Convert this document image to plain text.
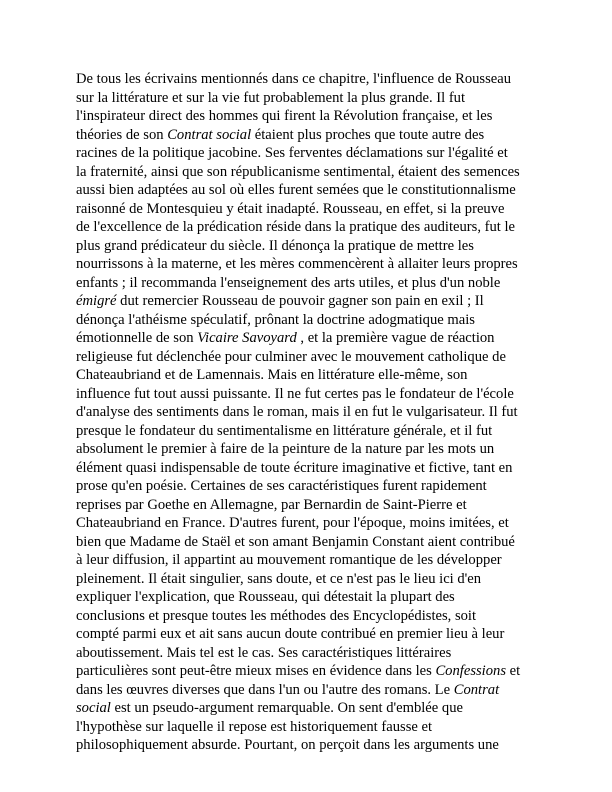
De tous les écrivains mentionnés dans ce chapitre, l'influence de Rousseau
sur la littérature et sur la vie fut probablement la plus grande. Il fut
l'inspirateur direct des hommes qui firent la Révolution française, et les
théories de son Contrat social étaient plus proches que toute autre des
racines de la politique jacobine. Ses ferventes déclamations sur l'égalité et
la fraternité, ainsi que son républicanisme sentimental, étaient des semences
aussi bien adaptées au sol où elles furent semées que le constitutionnalisme
raisonné de Montesquieu y était inadapté. Rousseau, en effet, si la preuve
de l'excellence de la prédication réside dans la pratique des auditeurs, fut le
plus grand prédicateur du siècle. Il dénonça la pratique de mettre les
nourrissons à la materne, et les mères commencèrent à allaiter leurs propres
enfants ; il recommanda l'enseignement des arts utiles, et plus d'un noble
émigré dut remercier Rousseau de pouvoir gagner son pain en exil ; Il
dénonça l'athéisme spéculatif, prônant la doctrine adogmatique mais
émotionnelle de son Vicaire Savoyard , et la première vague de réaction
religieuse fut déclenchée pour culminer avec le mouvement catholique de
Chateaubriand et de Lamennais. Mais en littérature elle-même, son
influence fut tout aussi puissante. Il ne fut certes pas le fondateur de l'école
d'analyse des sentiments dans le roman, mais il en fut le vulgarisateur. Il fut
presque le fondateur du sentimentalisme en littérature générale, et il fut
absolument le premier à faire de la peinture de la nature par les mots un
élément quasi indispensable de toute écriture imaginative et fictive, tant en
prose qu'en poésie. Certaines de ses caractéristiques furent rapidement
reprises par Goethe en Allemagne, par Bernardin de Saint-Pierre et
Chateaubriand en France. D'autres furent, pour l'époque, moins imitées, et
bien que Madame de Staël et son amant Benjamin Constant aient contribué
à leur diffusion, il appartint au mouvement romantique de les développer
pleinement. Il était singulier, sans doute, et ce n'est pas le lieu ici d'en
expliquer l'explication, que Rousseau, qui détestait la plupart des
conclusions et presque toutes les méthodes des Encyclopédistes, soit
compté parmi eux et ait sans aucun doute contribué en premier lieu à leur
aboutissement. Mais tel est le cas. Ses caractéristiques littéraires
particulières sont peut-être mieux mises en évidence dans les Confessions et
dans les œuvres diverses que dans l'un ou l'autre des romans. Le Contrat
social est un pseudo-argument remarquable. On sent d'emblée que
l'hypothèse sur laquelle il repose est historiquement fausse et
philosophiquement absurde. Pourtant, on perçoit dans les arguments une
